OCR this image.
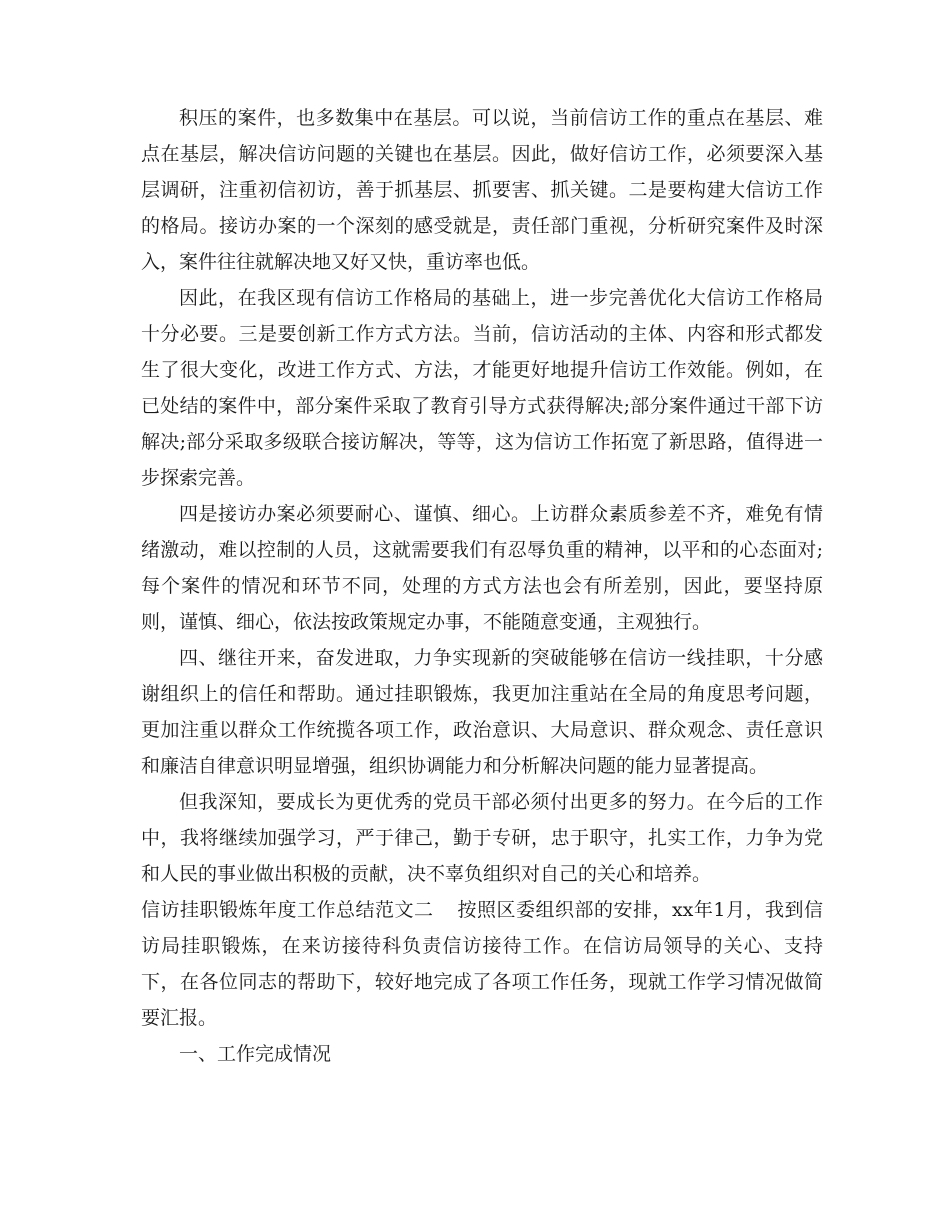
积压的案件，也多数集中在基层。可以说，当前信访工作的重点在基层、难点在基层，解决信访问题的关键也在基层。因此，做好信访工作，必须要深入基层调研，注重初信初访，善于抓基层、抓要害、抓关键。二是要构建大信访工作的格局。接访办案的一个深刻的感受就是，责任部门重视，分析研究案件及时深入，案件往往就解决地又好又快，重访率也低。

因此，在我区现有信访工作格局的基础上，进一步完善优化大信访工作格局十分必要。三是要创新工作方式方法。当前，信访活动的主体、内容和形式都发生了很大变化，改进工作方式、方法，才能更好地提升信访工作效能。例如，在已处结的案件中，部分案件采取了教育引导方式获得解决;部分案件通过干部下访解决;部分采取多级联合接访解决，等等，这为信访工作拓宽了新思路，值得进一步探索完善。

四是接访办案必须要耐心、谨慎、细心。上访群众素质参差不齐，难免有情绪激动，难以控制的人员，这就需要我们有忍辱负重的精神，以平和的心态面对;每个案件的情况和环节不同，处理的方式方法也会有所差别，因此，要坚持原则，谨慎、细心，依法按政策规定办事，不能随意变通，主观独行。

四、继往开来，奋发进取，力争实现新的突破能够在信访一线挂职，十分感谢组织上的信任和帮助。通过挂职锻炼，我更加注重站在全局的角度思考问题，更加注重以群众工作统揽各项工作，政治意识、大局意识、群众观念、责任意识和廉洁自律意识明显增强，组织协调能力和分析解决问题的能力显著提高。

但我深知，要成长为更优秀的党员干部必须付出更多的努力。在今后的工作中，我将继续加强学习，严于律己，勤于专研，忠于职守，扎实工作，力争为党和人民的事业做出积极的贡献，决不辜负组织对自己的关心和培养。

信访挂职锻炼年度工作总结范文二 按照区委组织部的安排，xx年1月，我到信访局挂职锻炼，在来访接待科负责信访接待工作。在信访局领导的关心、支持下，在各位同志的帮助下，较好地完成了各项工作任务，现就工作学习情况做简要汇报。

一、工作完成情况
